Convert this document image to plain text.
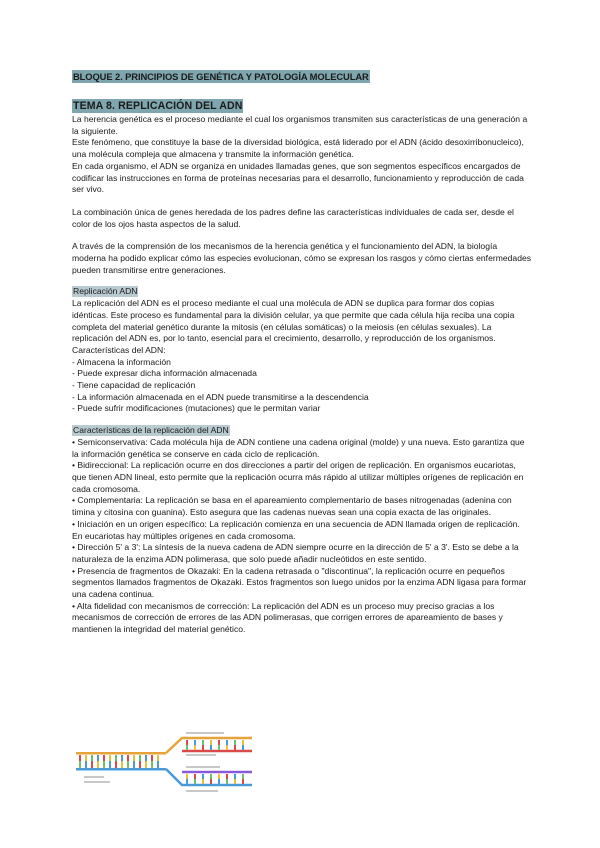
BLOQUE 2. PRINCIPIOS DE GENÉTICA Y PATOLOGÍA MOLECULAR
TEMA 8. REPLICACIÓN DEL ADN

La herencia genética es el proceso mediante el cual los organismos transmiten sus características de una generación a la siguiente.

Este fenómeno, que constituye la base de la diversidad biológica, está liderado por el ADN (ácido desoxirribonucleico), una molécula compleja que almacena y transmite la información genética.

En cada organismo, el ADN se organiza en unidades llamadas genes, que son segmentos específicos encargados de codificar las instrucciones en forma de proteínas necesarias para el desarrollo, funcionamiento y reproducción de cada ser vivo.

La combinación única de genes heredada de los padres define las características individuales de cada ser, desde el color de los ojos hasta aspectos de la salud.

A través de la comprensión de los mecanismos de la herencia genética y el funcionamiento del ADN, la biología moderna ha podido explicar cómo las especies evolucionan, cómo se expresan los rasgos y cómo ciertas enfermedades pueden transmitirse entre generaciones.

Replicación ADN

La replicación del ADN es el proceso mediante el cual una molécula de ADN se duplica para formar dos copias idénticas. Este proceso es fundamental para la división celular, ya que permite que cada célula hija reciba una copia completa del material genético durante la mitosis (en células somáticas) o la meiosis (en células sexuales). La replicación del ADN es, por lo tanto, esencial para el crecimiento, desarrollo, y reproducción de los organismos.

Características del ADN:

- Almacena la información
- Puede expresar dicha información almacenada
- Tiene capacidad de replicación
- La información almacenada en el ADN puede transmitirse a la descendencia
- Puede sufrir modificaciones (mutaciones) que le permitan variar
Características de la replicación del ADN

• Semiconservativa: Cada molécula hija de ADN contiene una cadena original (molde) y una nueva. Esto garantiza que la información genética se conserve en cada ciclo de replicación.

• Bidireccional: La replicación ocurre en dos direcciones a partir del origen de replicación. En organismos eucariotas, que tienen ADN lineal, esto permite que la replicación ocurra más rápido al utilizar múltiples orígenes de replicación en cada cromosoma.

• Complementaria: La replicación se basa en el apareamiento complementario de bases nitrogenadas (adenina con timina y citosina con guanina). Esto asegura que las cadenas nuevas sean una copia exacta de las originales.

• Iniciación en un origen específico: La replicación comienza en una secuencia de ADN llamada origen de replicación. En eucariotas hay múltiples orígenes en cada cromosoma.

• Dirección 5' a 3': La síntesis de la nueva cadena de ADN siempre ocurre en la dirección de 5' a 3'. Esto se debe a la naturaleza de la enzima ADN polimerasa, que solo puede añadir nucleótidos en este sentido.

• Presencia de fragmentos de Okazaki: En la cadena retrasada o "discontinua", la replicación ocurre en pequeños segmentos llamados fragmentos de Okazaki. Estos fragmentos son luego unidos por la enzima ADN ligasa para formar una cadena continua.

• Alta fidelidad con mecanismos de corrección: La replicación del ADN es un proceso muy preciso gracias a los mecanismos de corrección de errores de las ADN polimerasas, que corrigen errores de apareamiento de bases y mantienen la integridad del material genético.
